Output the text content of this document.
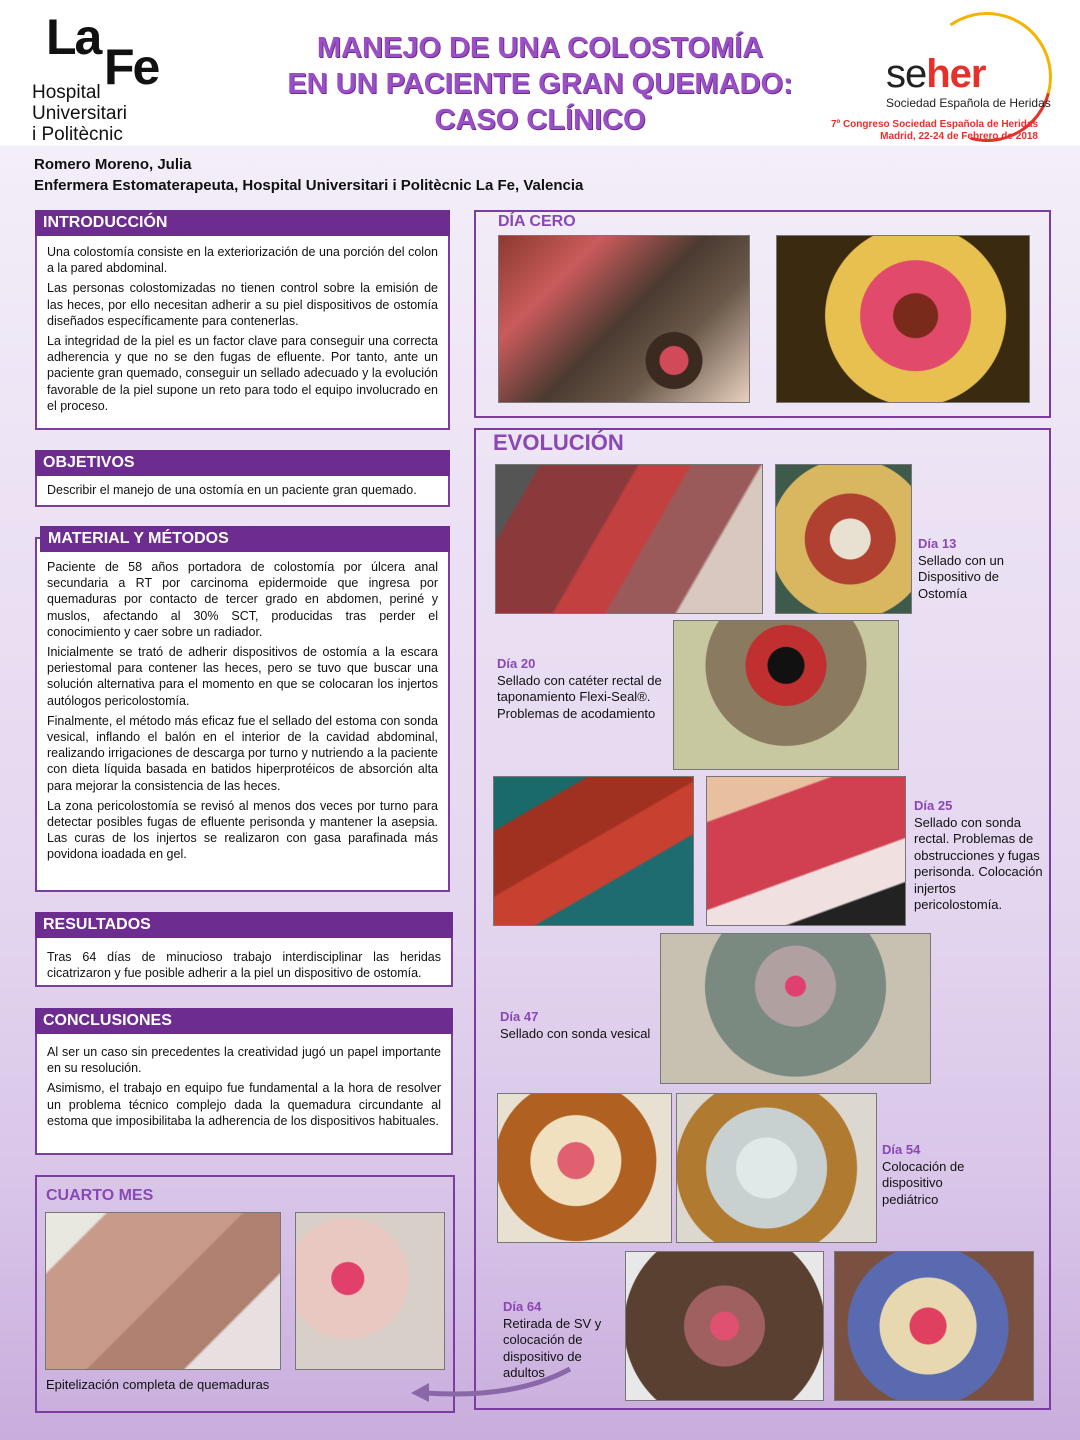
La
Fe
Hospital
Universitari
i Politècnic
MANEJO DE UNA COLOSTOMÍA
EN UN PACIENTE GRAN QUEMADO:
CASO CLÍNICO
seher
Sociedad Española de Heridas
7º Congreso Sociedad Española de Heridas
Madrid, 22-24 de Febrero de 2018
Romero Moreno, Julia
Enfermera Estomaterapeuta, Hospital Universitari i Politècnic La Fe, Valencia

Una colostomía consiste en la exteriorización de una porción del colon a la pared abdominal.

Las personas colostomizadas no tienen control sobre la emisión de las heces, por ello necesitan adherir a su piel dispositivos de ostomía diseñados específicamente para contenerlas.

La integridad de la piel es un factor clave para conseguir una correcta adherencia y que no se den fugas de efluente. Por tanto, ante un paciente gran quemado, conseguir un sellado adecuado y la evolución favorable de la piel supone un reto para todo el equipo involucrado en el proceso.

INTRODUCCIÓN

Describir el manejo de una ostomía en un paciente gran quemado.

OBJETIVOS

Paciente de 58 años portadora de colostomía por úlcera anal secundaria a RT por carcinoma epidermoide que ingresa por quemaduras por contacto de tercer grado en abdomen, periné y muslos, afectando al 30% SCT, producidas tras perder el conocimiento y caer sobre un radiador.

Inicialmente se trató de adherir dispositivos de ostomía a la escara periestomal para contener las heces, pero se tuvo que buscar una solución alternativa para el momento en que se colocaran los injertos autólogos pericolostomía.

Finalmente, el método más eficaz fue el sellado del estoma con sonda vesical, inflando el balón en el interior de la cavidad abdominal, realizando irrigaciones de descarga por turno y nutriendo a la paciente con dieta líquida basada en batidos hiperprotéicos de absorción alta para mejorar la consistencia de las heces.

La zona pericolostomía se revisó al menos dos veces por turno para detectar posibles fugas de efluente perisonda y mantener la asepsia. Las curas de los injertos se realizaron con gasa parafinada más povidona ioadada en gel.

MATERIAL Y MÉTODOS

Tras 64 días de minucioso trabajo interdisciplinar las heridas cicatrizaron y fue posible adherir a la piel un dispositivo de ostomía.

RESULTADOS

Al ser un caso sin precedentes la creatividad jugó un papel importante en su resolución.

Asimismo, el trabajo en equipo fue fundamental a la hora de resolver un problema técnico complejo dada la quemadura circundante al estoma que imposibilitaba la adherencia de los dispositivos habituales.

CONCLUSIONES
CUARTO MES
Epitelización completa de quemaduras
DÍA CERO
EVOLUCIÓN
Día 13
Sellado con un Dispositivo de Ostomía
Día 20
Sellado con catéter rectal de taponamiento Flexi-Seal®. Problemas de acodamiento
Día 25
Sellado con sonda rectal. Problemas de obstrucciones y fugas perisonda. Colocación injertos pericolostomía.
Día 47
Sellado con sonda vesical
Día 54
Colocación de dispositivo pediátrico
Día 64
Retirada de SV y colocación de dispositivo de adultos
